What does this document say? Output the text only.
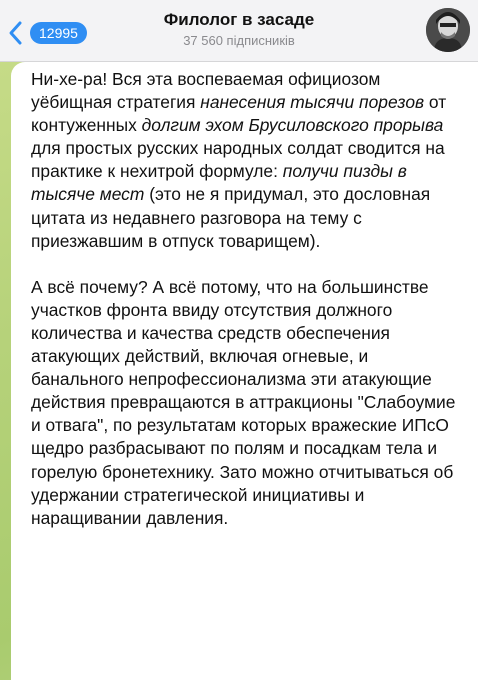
12995
Филолог в засаде
37 560 підписників

Ни-хе-ра! Вся эта воспеваемая официозом уёбищная стратегия нанесения тысячи порезов от контуженных долгим эхом Брусиловского прорыва для простых русских народных солдат сводится на практике к нехитрой формуле: получи пизды в тысяче мест (это не я придумал, это дословная цитата из недавнего разговора на тему с приезжавшим в отпуск товарищем).

А всё почему? А всё потому, что на большинстве участков фронта ввиду отсутствия должного количества и качества средств обеспечения атакующих действий, включая огневые, и банального непрофессионализма эти атакующие действия превращаются в аттракционы "Слабоумие и отвага", по результатам которых вражеские ИПсО щедро разбрасывают по полям и посадкам тела и горелую бронетехнику. Зато можно отчитываться об удержании стратегической инициативы и наращивании давления.
